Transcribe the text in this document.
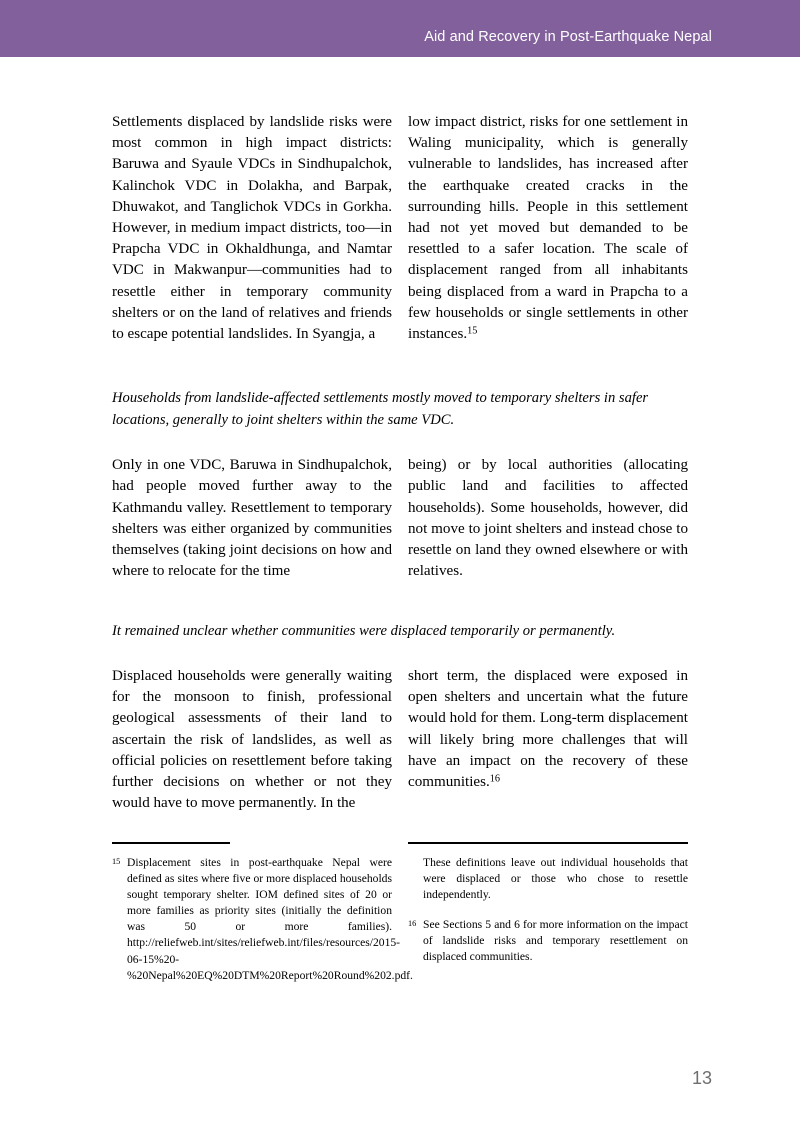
Aid and Recovery in Post-Earthquake Nepal

Settlements displaced by landslide risks were most common in high impact districts: Baruwa and Syaule VDCs in Sindhupalchok, Kalinchok VDC in Dolakha, and Barpak, Dhuwakot, and Tanglichok VDCs in Gorkha. However, in medium impact districts, too—in Prapcha VDC in Okhaldhunga, and Namtar VDC in Makwanpur—communities had to resettle either in temporary community shelters or on the land of relatives and friends to escape potential landslides. In Syangja, a

low impact district, risks for one settlement in Waling municipality, which is generally vulnerable to landslides, has increased after the earthquake created cracks in the surrounding hills. People in this settlement had not yet moved but demanded to be resettled to a safer location. The scale of displacement ranged from all inhabitants being displaced from a ward in Prapcha to a few households or single settlements in other instances.$^{15}$

Households from landslide-affected settlements mostly moved to temporary shelters in safer locations, generally to joint shelters within the same VDC.

Only in one VDC, Baruwa in Sindhupalchok, had people moved further away to the Kathmandu valley. Resettlement to temporary shelters was either organized by communities themselves (taking joint decisions on how and where to relocate for the time

being) or by local authorities (allocating public land and facilities to affected households). Some households, however, did not move to joint shelters and instead chose to resettle on land they owned elsewhere or with relatives.

It remained unclear whether communities were displaced temporarily or permanently.

Displaced households were generally waiting for the monsoon to finish, professional geological assessments of their land to ascertain the risk of landslides, as well as official policies on resettlement before taking further decisions on whether or not they would have to move permanently. In the

short term, the displaced were exposed in open shelters and uncertain what the future would hold for them. Long-term displacement will likely bring more challenges that will have an impact on the recovery of these communities.$^{16}$

15 Displacement sites in post-earthquake Nepal were defined as sites where five or more displaced households sought temporary shelter. IOM defined sites of 20 or more families as priority sites (initially the definition was 50 or more families). http://reliefweb.int/sites/reliefweb.int/files/resources/2015-06-15%20-%20Nepal%20EQ%20DTM%20Report%20Round%202.pdf.

These definitions leave out individual households that were displaced or those who chose to resettle independently.

16 See Sections 5 and 6 for more information on the impact of landslide risks and temporary resettlement on displaced communities.

13
